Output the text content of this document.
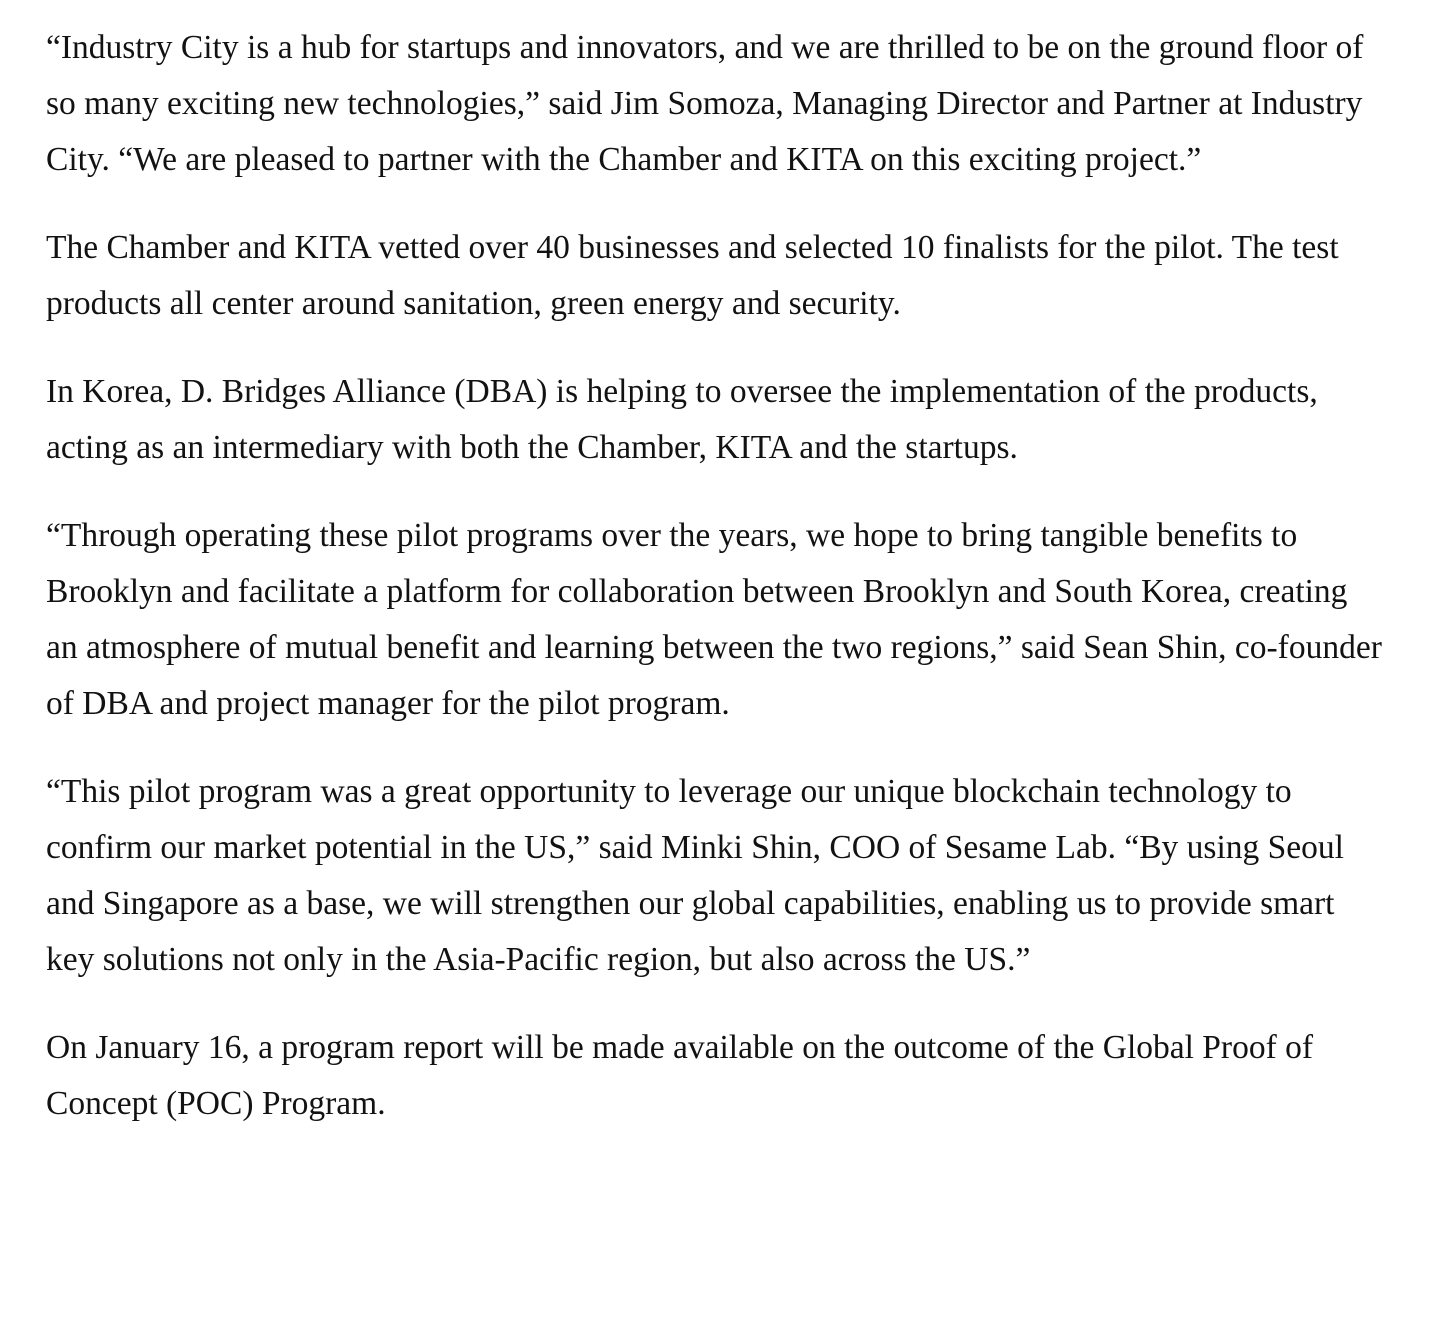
“Industry City is a hub for startups and innovators, and we are thrilled to be on the ground floor of so many exciting new technologies,” said Jim Somoza, Managing Director and Partner at Industry City. “We are pleased to partner with the Chamber and KITA on this exciting project.”

The Chamber and KITA vetted over 40 businesses and selected 10 finalists for the pilot. The test products all center around sanitation, green energy and security.

In Korea, D. Bridges Alliance (DBA) is helping to oversee the implementation of the products, acting as an intermediary with both the Chamber, KITA and the startups.

“Through operating these pilot programs over the years, we hope to bring tangible benefits to Brooklyn and facilitate a platform for collaboration between Brooklyn and South Korea, creating an atmosphere of mutual benefit and learning between the two regions,” said Sean Shin, co-founder of DBA and project manager for the pilot program.

“This pilot program was a great opportunity to leverage our unique blockchain technology to confirm our market potential in the US,” said Minki Shin, COO of Sesame Lab. “By using Seoul and Singapore as a base, we will strengthen our global capabilities, enabling us to provide smart key solutions not only in the Asia-Pacific region, but also across the US.”

On January 16, a program report will be made available on the outcome of the Global Proof of Concept (POC) Program.
